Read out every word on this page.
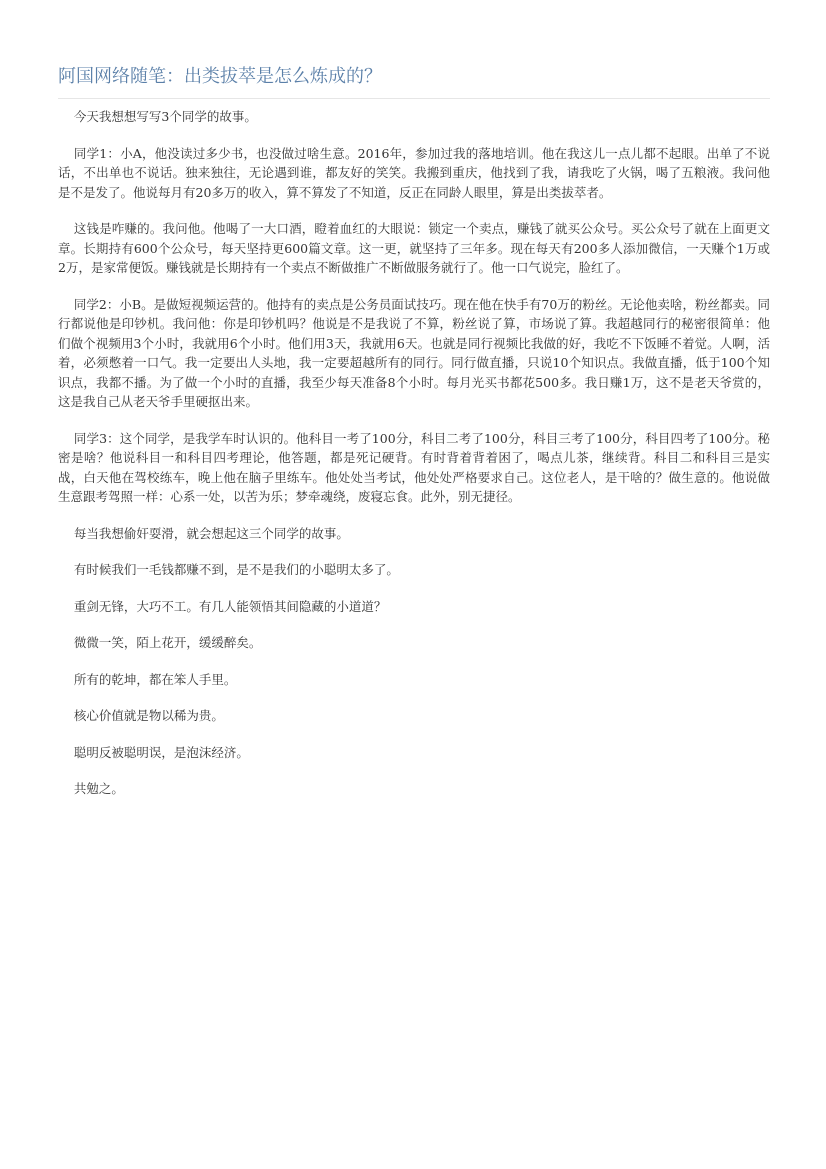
阿国网络随笔：出类拔萃是怎么炼成的？

今天我想想写写3个同学的故事。

同学1：小A，他没读过多少书，也没做过啥生意。2016年，参加过我的落地培训。他在我这儿一点儿都不起眼。出单了不说话，不出单也不说话。独来独往，无论遇到谁，都友好的笑笑。我搬到重庆，他找到了我，请我吃了火锅，喝了五粮液。我问他是不是发了。他说每月有20多万的收入，算不算发了不知道，反正在同龄人眼里，算是出类拔萃者。

这钱是咋赚的。我问他。他喝了一大口酒，瞪着血红的大眼说：锁定一个卖点，赚钱了就买公众号。买公众号了就在上面更文章。长期持有600个公众号，每天坚持更600篇文章。这一更，就坚持了三年多。现在每天有200多人添加微信，一天赚个1万或2万，是家常便饭。赚钱就是长期持有一个卖点不断做推广不断做服务就行了。他一口气说完，脸红了。

同学2：小B。是做短视频运营的。他持有的卖点是公务员面试技巧。现在他在快手有70万的粉丝。无论他卖啥，粉丝都卖。同行都说他是印钞机。我问他：你是印钞机吗？他说是不是我说了不算，粉丝说了算，市场说了算。我超越同行的秘密很简单：他们做个视频用3个小时，我就用6个小时。他们用3天，我就用6天。也就是同行视频比我做的好，我吃不下饭睡不着觉。人啊，活着，必须憋着一口气。我一定要出人头地，我一定要超越所有的同行。同行做直播，只说10个知识点。我做直播，低于100个知识点，我都不播。为了做一个小时的直播，我至少每天准备8个小时。每月光买书都花500多。我日赚1万，这不是老天爷赏的，这是我自己从老天爷手里硬抠出来。

同学3：这个同学，是我学车时认识的。他科目一考了100分，科目二考了100分，科目三考了100分，科目四考了100分。秘密是啥？他说科目一和科目四考理论，他答题，都是死记硬背。有时背着背着困了，喝点儿茶，继续背。科目二和科目三是实战，白天他在驾校练车，晚上他在脑子里练车。他处处当考试，他处处严格要求自己。这位老人，是干啥的？做生意的。他说做生意跟考驾照一样：心系一处，以苦为乐；梦牵魂绕，废寝忘食。此外，别无捷径。

每当我想偷奸耍滑，就会想起这三个同学的故事。

有时候我们一毛钱都赚不到，是不是我们的小聪明太多了。

重剑无锋，大巧不工。有几人能领悟其间隐藏的小道道？

微微一笑，陌上花开，缓缓醉矣。

所有的乾坤，都在笨人手里。

核心价值就是物以稀为贵。

聪明反被聪明误，是泡沫经济。

共勉之。
